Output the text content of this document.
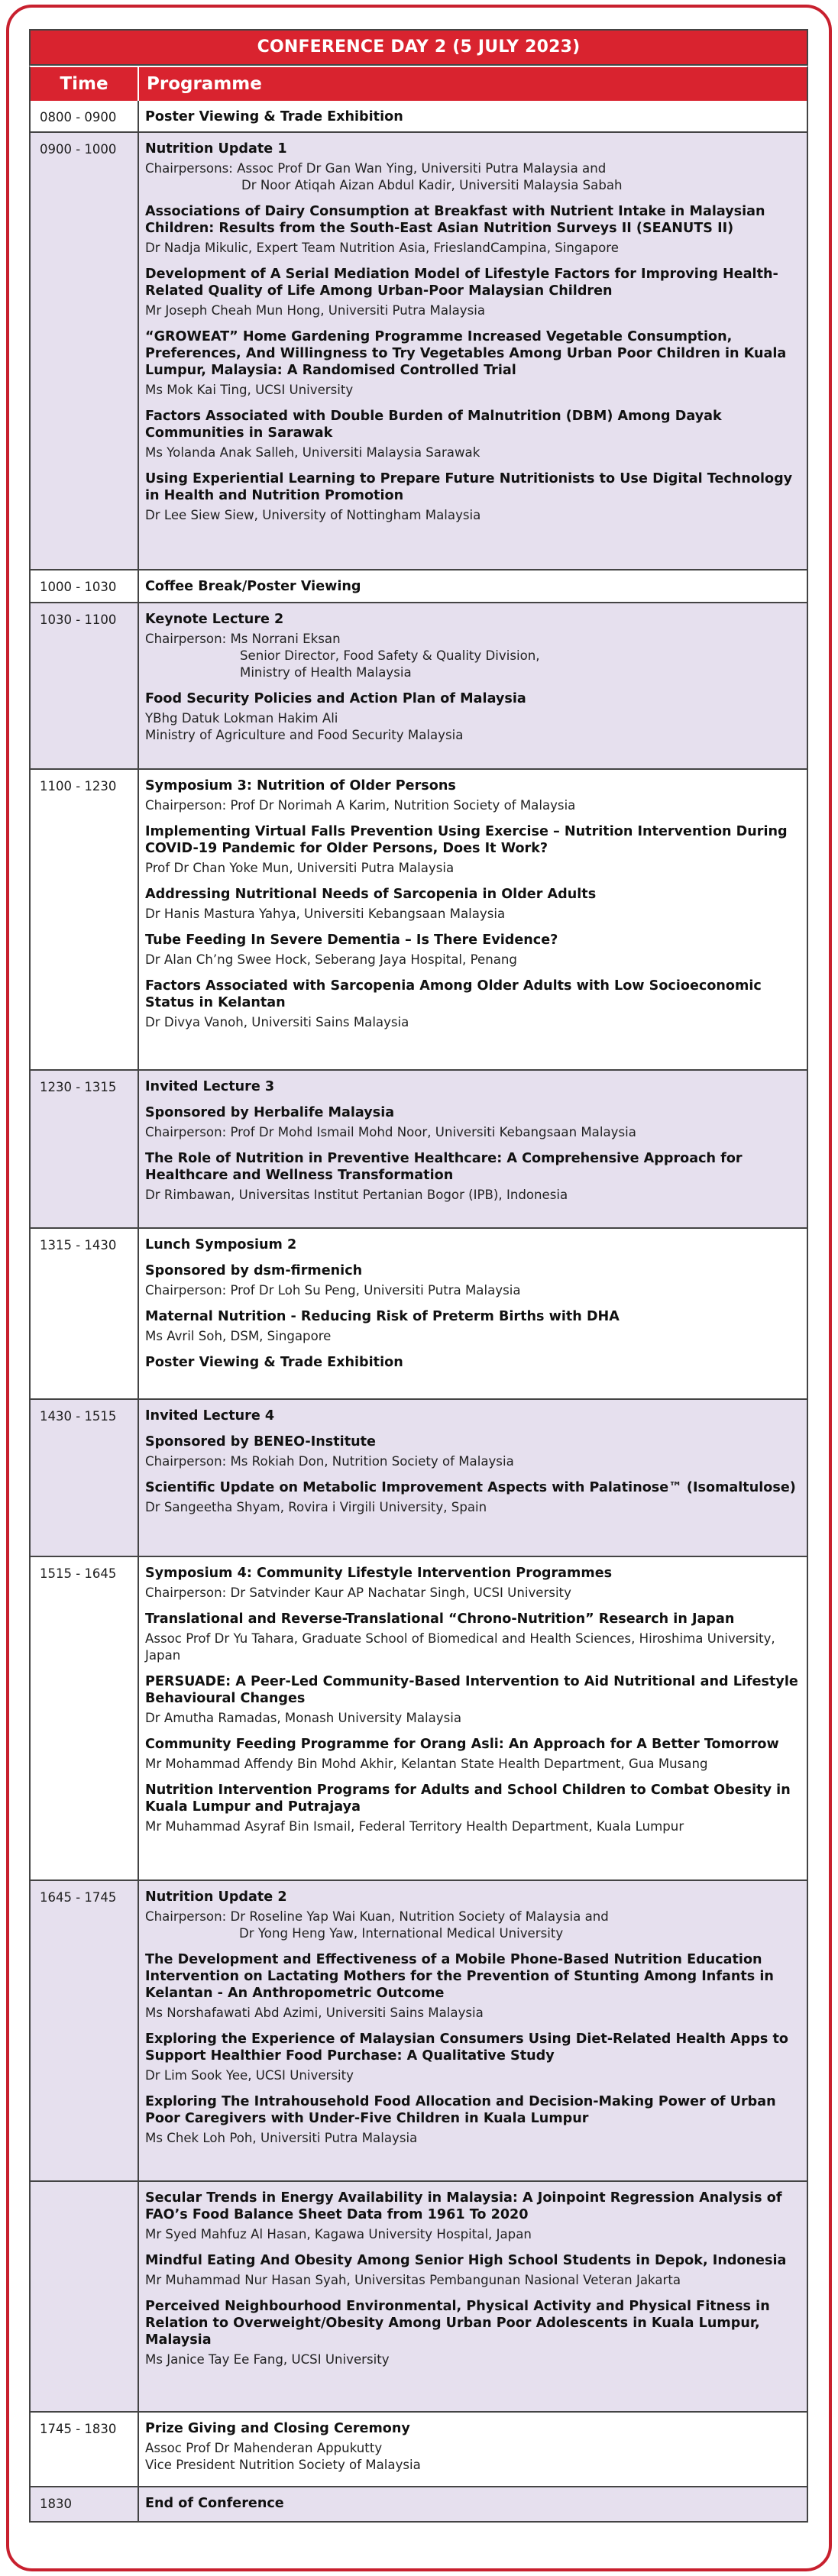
CONFERENCE DAY 2 (5 JULY 2023)
Time	Programme
0800 - 0900	Poster Viewing & Trade Exhibition
0900 - 1000	Nutrition Update 1
Chairpersons: Assoc Prof Dr Gan Wan Ying, Universiti Putra Malaysia and
Dr Noor Atiqah Aizan Abdul Kadir, Universiti Malaysia Sabah
Associations of Dairy Consumption at Breakfast with Nutrient Intake in Malaysian Children: Results from the South-East Asian Nutrition Surveys II (SEANUTS II)
Dr Nadja Mikulic, Expert Team Nutrition Asia, FrieslandCampina, Singapore
Development of A Serial Mediation Model of Lifestyle Factors for Improving Health-Related Quality of Life Among Urban-Poor Malaysian Children
Mr Joseph Cheah Mun Hong, Universiti Putra Malaysia
“GROWEAT” Home Gardening Programme Increased Vegetable Consumption, Preferences, And Willingness to Try Vegetables Among Urban Poor Children in Kuala Lumpur, Malaysia: A Randomised Controlled Trial
Ms Mok Kai Ting, UCSI University
Factors Associated with Double Burden of Malnutrition (DBM) Among Dayak Communities in Sarawak
Ms Yolanda Anak Salleh, Universiti Malaysia Sarawak
Using Experiential Learning to Prepare Future Nutritionists to Use Digital Technology in Health and Nutrition Promotion
Dr Lee Siew Siew, University of Nottingham Malaysia
1000 - 1030	Coffee Break/Poster Viewing
1030 - 1100	Keynote Lecture 2
Chairperson: Ms Norrani Eksan
Senior Director, Food Safety & Quality Division,
Ministry of Health Malaysia
Food Security Policies and Action Plan of Malaysia
YBhg Datuk Lokman Hakim Ali
Ministry of Agriculture and Food Security Malaysia
1100 - 1230	Symposium 3: Nutrition of Older Persons
Chairperson: Prof Dr Norimah A Karim, Nutrition Society of Malaysia
Implementing Virtual Falls Prevention Using Exercise – Nutrition Intervention During COVID-19 Pandemic for Older Persons, Does It Work?
Prof Dr Chan Yoke Mun, Universiti Putra Malaysia
Addressing Nutritional Needs of Sarcopenia in Older Adults
Dr Hanis Mastura Yahya, Universiti Kebangsaan Malaysia
Tube Feeding In Severe Dementia – Is There Evidence?
Dr Alan Ch’ng Swee Hock, Seberang Jaya Hospital, Penang
Factors Associated with Sarcopenia Among Older Adults with Low Socioeconomic Status in Kelantan
Dr Divya Vanoh, Universiti Sains Malaysia
1230 - 1315	Invited Lecture 3
Sponsored by Herbalife Malaysia
Chairperson: Prof Dr Mohd Ismail Mohd Noor, Universiti Kebangsaan Malaysia
The Role of Nutrition in Preventive Healthcare: A Comprehensive Approach for Healthcare and Wellness Transformation
Dr Rimbawan, Universitas Institut Pertanian Bogor (IPB), Indonesia
1315 - 1430	Lunch Symposium 2
Sponsored by dsm-firmenich
Chairperson: Prof Dr Loh Su Peng, Universiti Putra Malaysia
Maternal Nutrition - Reducing Risk of Preterm Births with DHA
Ms Avril Soh, DSM, Singapore
Poster Viewing & Trade Exhibition
1430 - 1515	Invited Lecture 4
Sponsored by BENEO-Institute
Chairperson: Ms Rokiah Don, Nutrition Society of Malaysia
Scientific Update on Metabolic Improvement Aspects with Palatinose™ (Isomaltulose)
Dr Sangeetha Shyam, Rovira i Virgili University, Spain
1515 - 1645	Symposium 4: Community Lifestyle Intervention Programmes
Chairperson: Dr Satvinder Kaur AP Nachatar Singh, UCSI University
Translational and Reverse-Translational “Chrono-Nutrition” Research in Japan
Assoc Prof Dr Yu Tahara, Graduate School of Biomedical and Health Sciences, Hiroshima University, Japan
PERSUADE: A Peer-Led Community-Based Intervention to Aid Nutritional and Lifestyle Behavioural Changes
Dr Amutha Ramadas, Monash University Malaysia
Community Feeding Programme for Orang Asli: An Approach for A Better Tomorrow
Mr Mohammad Affendy Bin Mohd Akhir, Kelantan State Health Department, Gua Musang
Nutrition Intervention Programs for Adults and School Children to Combat Obesity in Kuala Lumpur and Putrajaya
Mr Muhammad Asyraf Bin Ismail, Federal Territory Health Department, Kuala Lumpur
1645 - 1745	Nutrition Update 2
Chairperson: Dr Roseline Yap Wai Kuan, Nutrition Society of Malaysia and
Dr Yong Heng Yaw, International Medical University
The Development and Effectiveness of a Mobile Phone-Based Nutrition Education Intervention on Lactating Mothers for the Prevention of Stunting Among Infants in Kelantan - An Anthropometric Outcome
Ms Norshafawati Abd Azimi, Universiti Sains Malaysia
Exploring the Experience of Malaysian Consumers Using Diet-Related Health Apps to Support Healthier Food Purchase: A Qualitative Study
Dr Lim Sook Yee, UCSI University
Exploring The Intrahousehold Food Allocation and Decision-Making Power of Urban Poor Caregivers with Under-Five Children in Kuala Lumpur
Ms Chek Loh Poh, Universiti Putra Malaysia
Secular Trends in Energy Availability in Malaysia: A Joinpoint Regression Analysis of FAO’s Food Balance Sheet Data from 1961 To 2020
Mr Syed Mahfuz Al Hasan, Kagawa University Hospital, Japan
Mindful Eating And Obesity Among Senior High School Students in Depok, Indonesia
Mr Muhammad Nur Hasan Syah, Universitas Pembangunan Nasional Veteran Jakarta
Perceived Neighbourhood Environmental, Physical Activity and Physical Fitness in Relation to Overweight/Obesity Among Urban Poor Adolescents in Kuala Lumpur, Malaysia
Ms Janice Tay Ee Fang, UCSI University
1745 - 1830	Prize Giving and Closing Ceremony
Assoc Prof Dr Mahenderan Appukutty
Vice President Nutrition Society of Malaysia
1830	End of Conference
